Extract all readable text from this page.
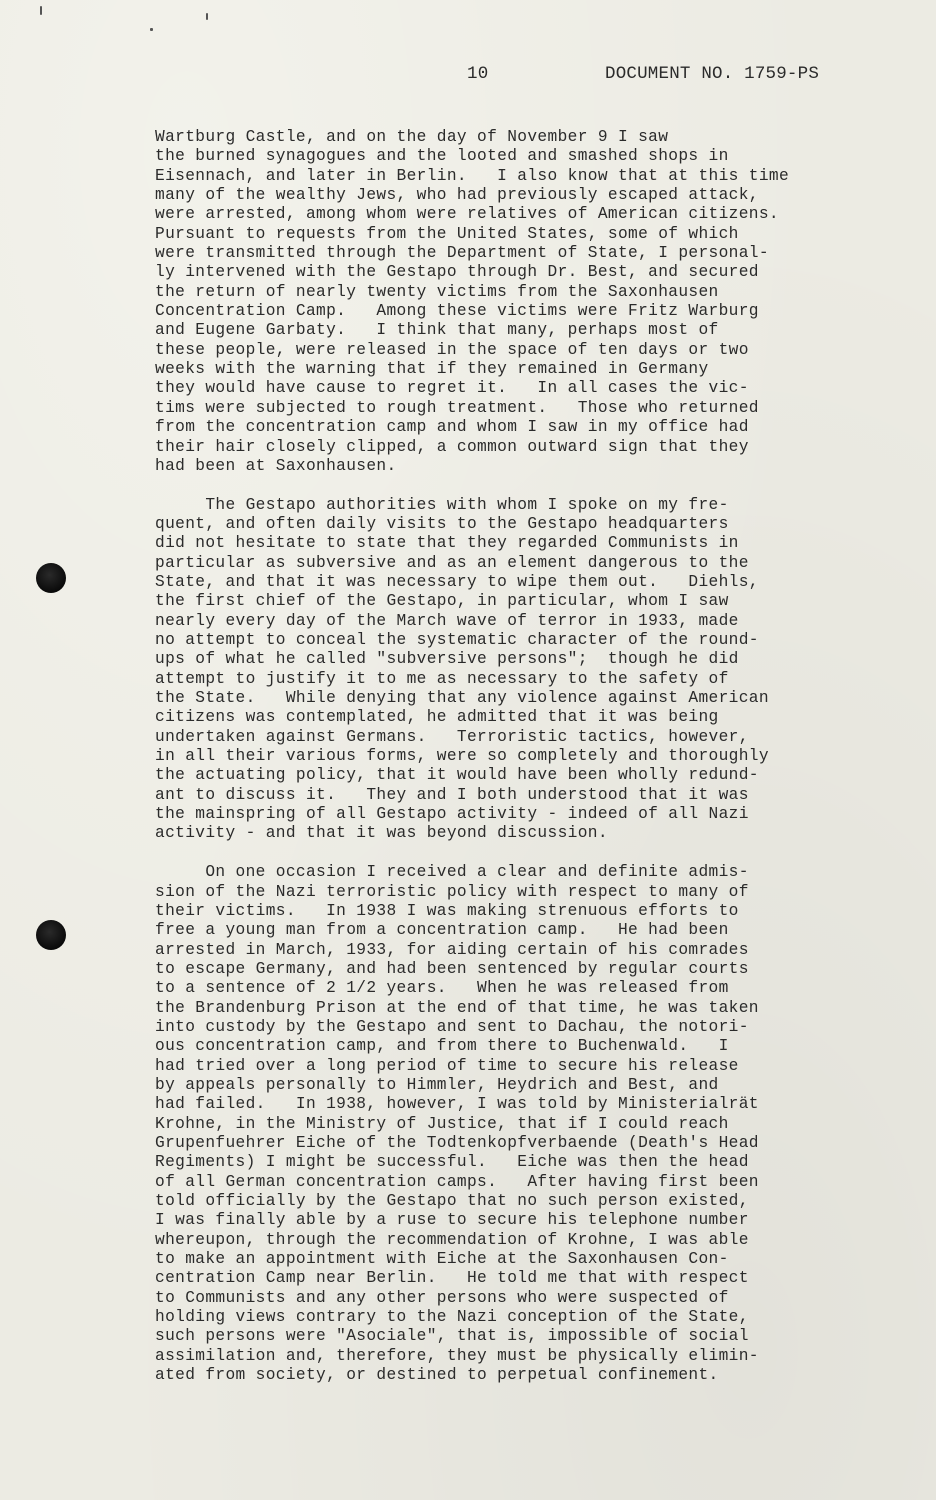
10	DOCUMENT NO. 1759-PS
Wartburg Castle, and on the day of November 9 I saw
the burned synagogues and the looted and smashed shops in
Eisennach, and later in Berlin.   I also know that at this time
many of the wealthy Jews, who had previously escaped attack,
were arrested, among whom were relatives of American citizens.
Pursuant to requests from the United States, some of which
were transmitted through the Department of State, I personal-
ly intervened with the Gestapo through Dr. Best, and secured
the return of nearly twenty victims from the Saxonhausen
Concentration Camp.   Among these victims were Fritz Warburg
and Eugene Garbaty.   I think that many, perhaps most of
these people, were released in the space of ten days or two
weeks with the warning that if they remained in Germany
they would have cause to regret it.   In all cases the vic-
tims were subjected to rough treatment.   Those who returned
from the concentration camp and whom I saw in my office had
their hair closely clipped, a common outward sign that they
had been at Saxonhausen.
The Gestapo authorities with whom I spoke on my fre-
quent, and often daily visits to the Gestapo headquarters
did not hesitate to state that they regarded Communists in
particular as subversive and as an element dangerous to the
State, and that it was necessary to wipe them out.   Diehls,
the first chief of the Gestapo, in particular, whom I saw
nearly every day of the March wave of terror in 1933, made
no attempt to conceal the systematic character of the round-
ups of what he called "subversive persons";  though he did
attempt to justify it to me as necessary to the safety of
the State.   While denying that any violence against American
citizens was contemplated, he admitted that it was being
undertaken against Germans.   Terroristic tactics, however,
in all their various forms, were so completely and thoroughly
the actuating policy, that it would have been wholly redund-
ant to discuss it.   They and I both understood that it was
the mainspring of all Gestapo activity - indeed of all Nazi
activity - and that it was beyond discussion.
On one occasion I received a clear and definite admis-
sion of the Nazi terroristic policy with respect to many of
their victims.   In 1938 I was making strenuous efforts to
free a young man from a concentration camp.   He had been
arrested in March, 1933, for aiding certain of his comrades
to escape Germany, and had been sentenced by regular courts
to a sentence of 2 1/2 years.   When he was released from
the Brandenburg Prison at the end of that time, he was taken
into custody by the Gestapo and sent to Dachau, the notori-
ous concentration camp, and from there to Buchenwald.   I
had tried over a long period of time to secure his release
by appeals personally to Himmler, Heydrich and Best, and
had failed.   In 1938, however, I was told by Ministerialrät
Krohne, in the Ministry of Justice, that if I could reach
Grupenfuehrer Eiche of the Todtenkopfverbaende (Death's Head
Regiments) I might be successful.   Eiche was then the head
of all German concentration camps.   After having first been
told officially by the Gestapo that no such person existed,
I was finally able by a ruse to secure his telephone number
whereupon, through the recommendation of Krohne, I was able
to make an appointment with Eiche at the Saxonhausen Con-
centration Camp near Berlin.   He told me that with respect
to Communists and any other persons who were suspected of
holding views contrary to the Nazi conception of the State,
such persons were "Asociale", that is, impossible of social
assimilation and, therefore, they must be physically elimin-
ated from society, or destined to perpetual confinement.
